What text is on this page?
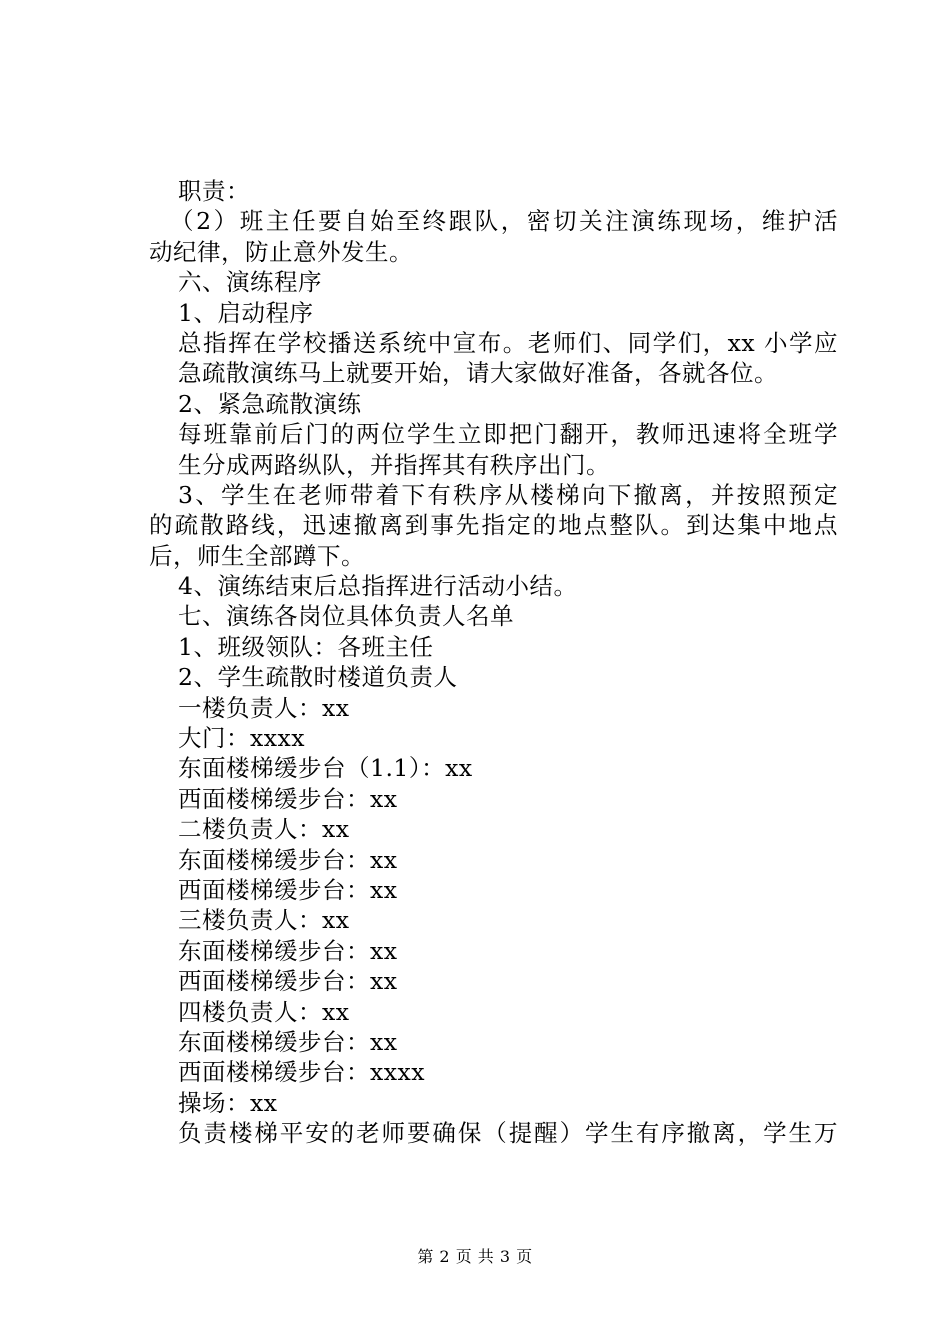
职责：
（2）班主任要自始至终跟队，密切关注演练现场，维护活
动纪律，防止意外发生。
六、演练程序
1、启动程序
总指挥在学校播送系统中宣布。老师们、同学们，xx 小学应
急疏散演练马上就要开始，请大家做好准备，各就各位。
2、紧急疏散演练
每班靠前后门的两位学生立即把门翻开，教师迅速将全班学
生分成两路纵队，并指挥其有秩序出门。
3、学生在老师带着下有秩序从楼梯向下撤离，并按照预定
的疏散路线，迅速撤离到事先指定的地点整队。到达集中地点
后，师生全部蹲下。
4、演练结束后总指挥进行活动小结。
七、演练各岗位具体负责人名单
1、班级领队：各班主任
2、学生疏散时楼道负责人
一楼负责人：xx
大门：xxxx
东面楼梯缓步台（1.1）：xx
西面楼梯缓步台：xx
二楼负责人：xx
东面楼梯缓步台：xx
西面楼梯缓步台：xx
三楼负责人：xx
东面楼梯缓步台：xx
西面楼梯缓步台：xx
四楼负责人：xx
东面楼梯缓步台：xx
西面楼梯缓步台：xxxx
操场：xx
负责楼梯平安的老师要确保（提醒）学生有序撤离，学生万
第 2 页 共 3 页
